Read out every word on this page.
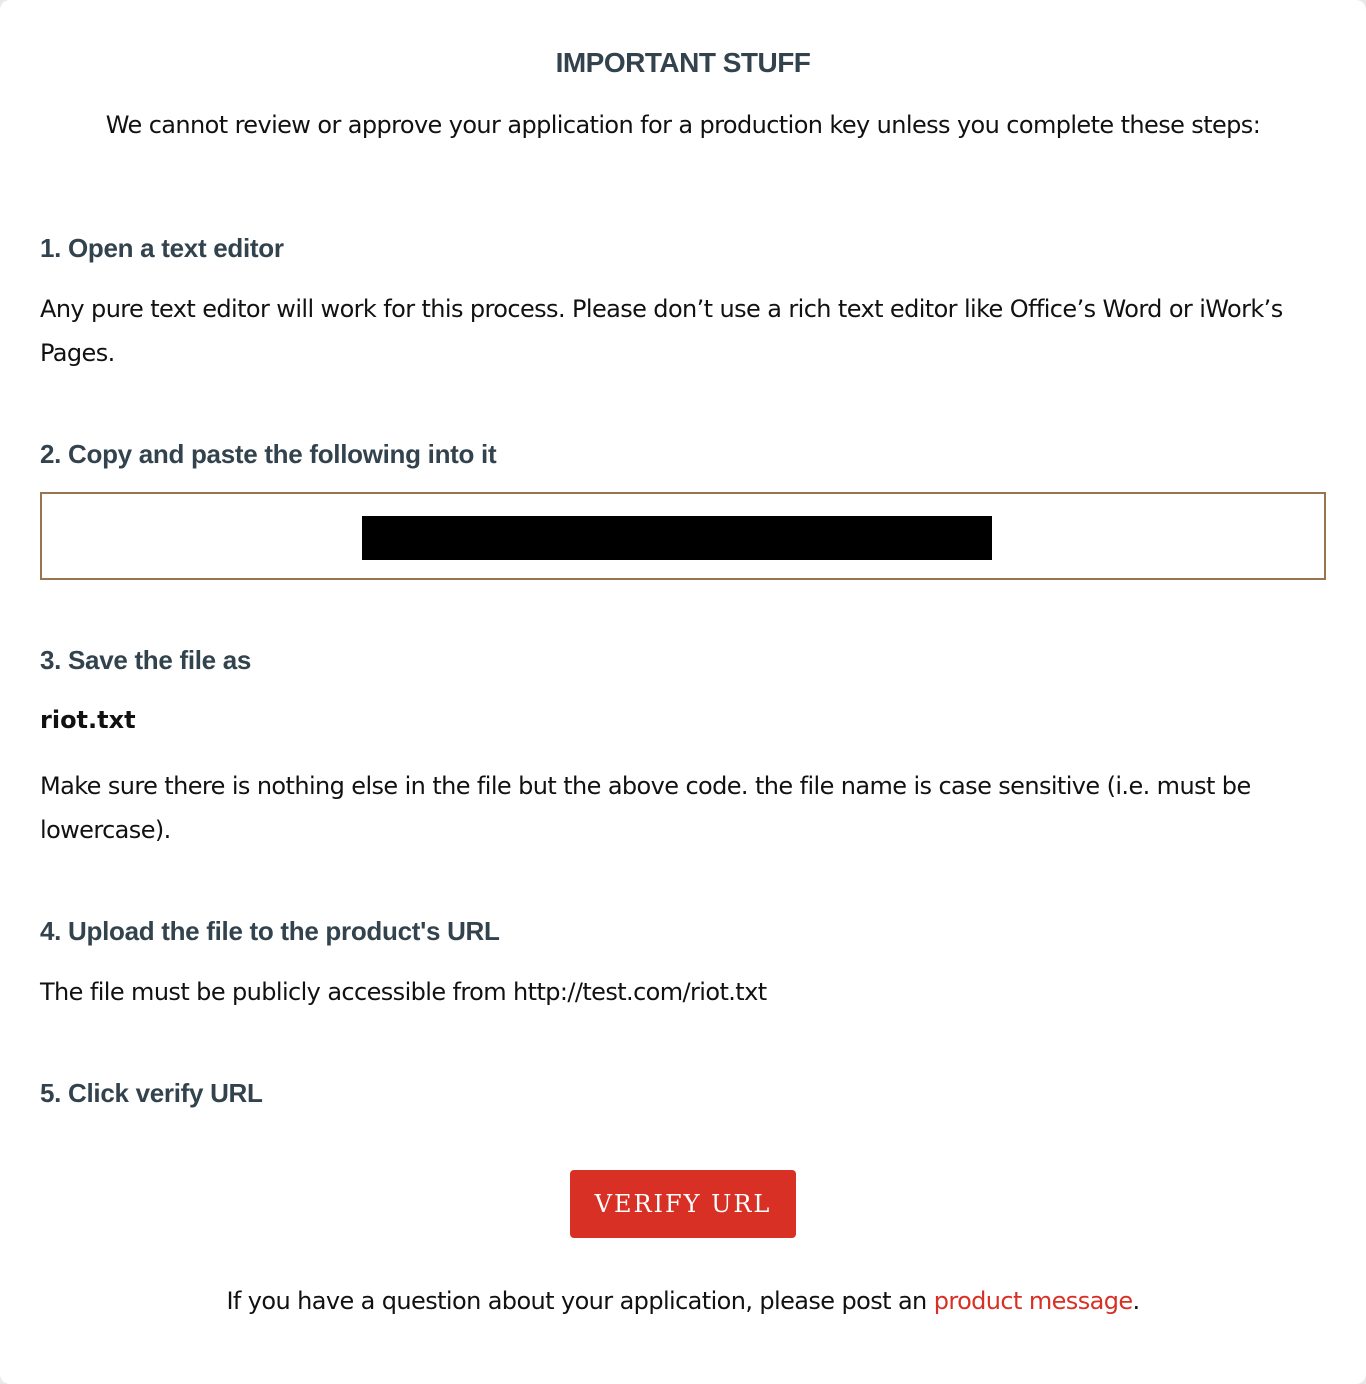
IMPORTANT STUFF
We cannot review or approve your application for a production key unless you complete these steps:
1. Open a text editor
Any pure text editor will work for this process. Please don’t use a rich text editor like Office’s Word or iWork’s Pages.
2. Copy and paste the following into it
3. Save the file as
riot.txt
Make sure there is nothing else in the file but the above code. the file name is case sensitive (i.e. must be lowercase).
4. Upload the file to the product's URL
The file must be publicly accessible from http://test.com/riot.txt
5. Click verify URL
VERIFY URL
If you have a question about your application, please post an product message.
